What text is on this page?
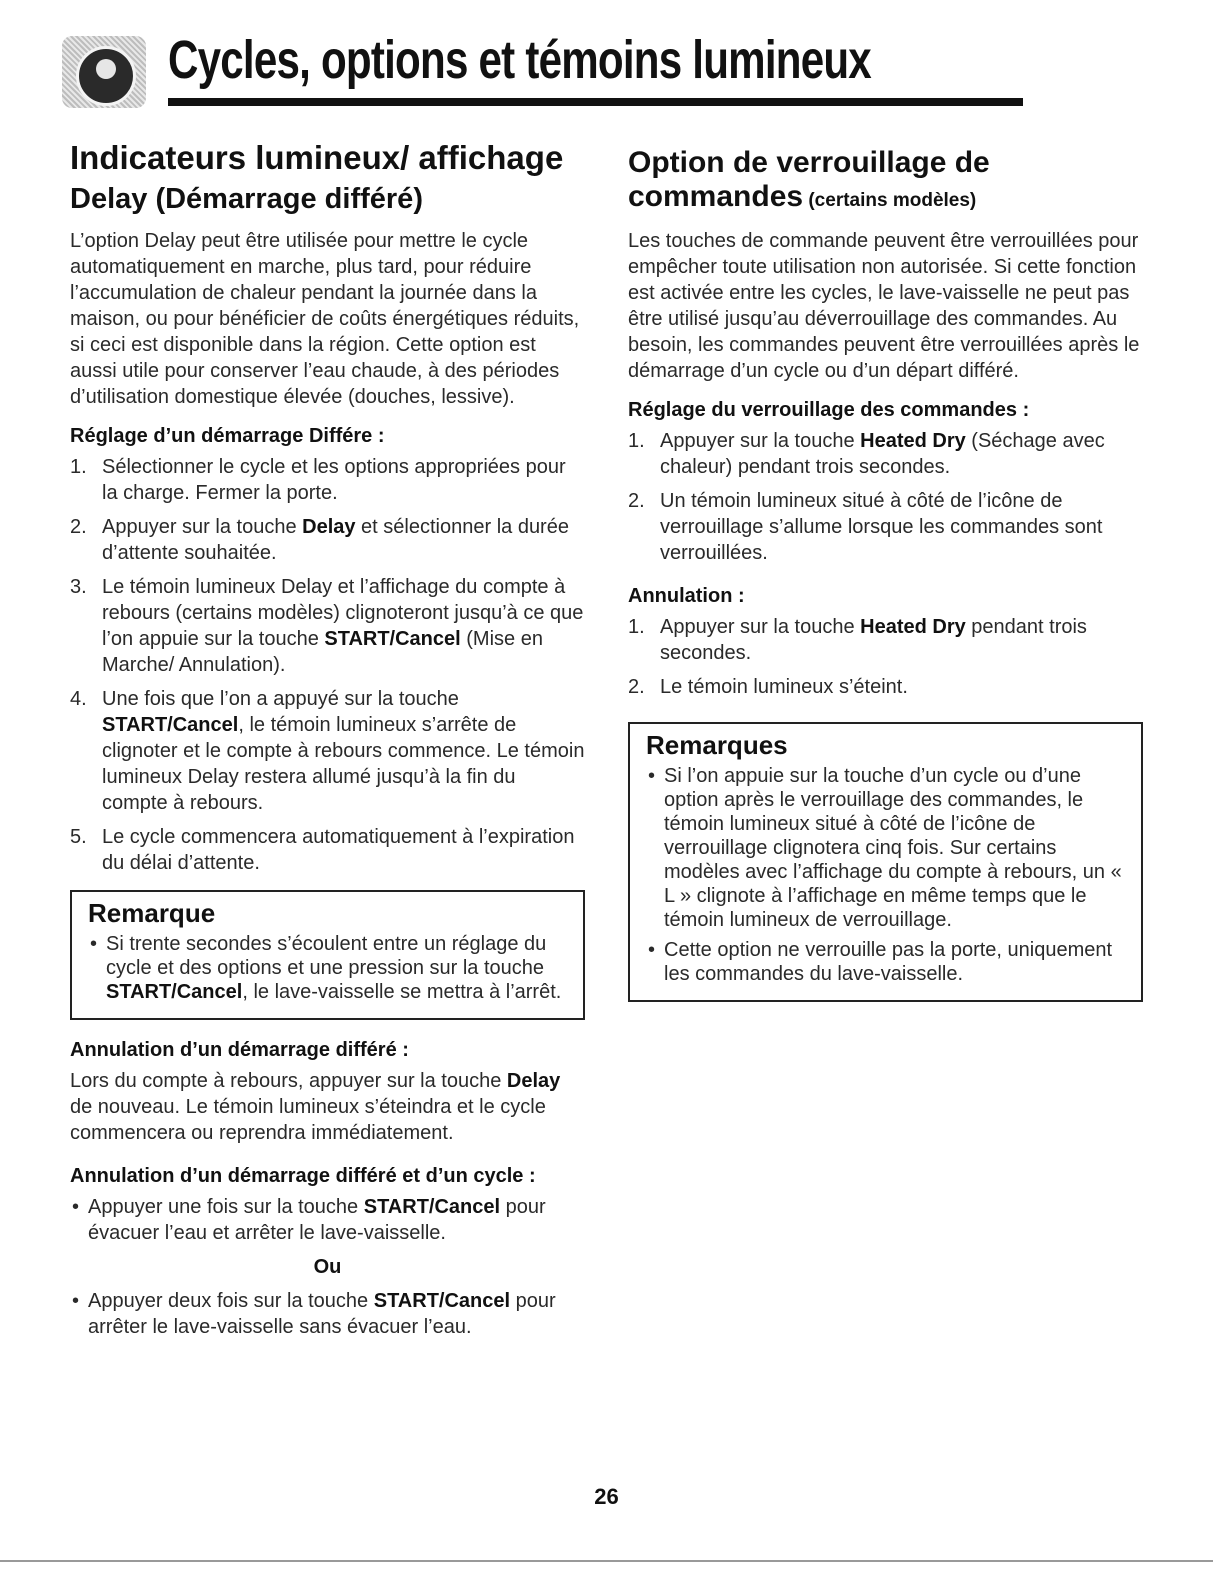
Cycles, options et témoins lumineux
Indicateurs lumineux/ affichage
Delay (Démarrage différé)

L’option Delay peut être utilisée pour mettre le cycle automatiquement en marche, plus tard, pour réduire l’accumulation de chaleur pendant la journée dans la maison, ou pour bénéficier de coûts énergétiques réduits, si ceci est disponible dans la région. Cette option est aussi utile pour conserver l’eau chaude, à des périodes d’utilisation domestique élevée (douches, lessive).

Réglage d’un démarrage Différe :
1. Sélectionner le cycle et les options appropriées pour la charge. Fermer la porte.
2. Appuyer sur la touche Delay et sélectionner la durée d’attente souhaitée.
3. Le témoin lumineux Delay et l’affichage du compte à rebours (certains modèles) clignoteront jusqu’à ce que l’on appuie sur la touche START/Cancel (Mise en Marche/ Annulation).
4. Une fois que l’on a appuyé sur la touche START/Cancel, le témoin lumineux s’arrête de clignoter et le compte à rebours commence. Le témoin lumineux Delay restera allumé jusqu’à la fin du compte à rebours.
5. Le cycle commencera automatiquement à l’expiration du délai d’attente.
Remarque
• Si trente secondes s’écoulent entre un réglage du cycle et des options et une pression sur la touche START/Cancel, le lave-vaisselle se mettra à l’arrêt.
Annulation d’un démarrage différé :

Lors du compte à rebours, appuyer sur la touche Delay de nouveau. Le témoin lumineux s’éteindra et le cycle commencera ou reprendra immédiatement.

Annulation d’un démarrage différé et d’un cycle :
• Appuyer une fois sur la touche START/Cancel pour évacuer l’eau et arrêter le lave-vaisselle.
Ou
• Appuyer deux fois sur la touche START/Cancel pour arrêter le lave-vaisselle sans évacuer l’eau.
Option de verrouillage de commandes (certains modèles)

Les touches de commande peuvent être verrouillées pour empêcher toute utilisation non autorisée. Si cette fonction est activée entre les cycles, le lave-vaisselle ne peut pas être utilisé jusqu’au déverrouillage des commandes. Au besoin, les commandes peuvent être verrouillées après le démarrage d’un cycle ou d’un départ différé.

Réglage du verrouillage des commandes :
1. Appuyer sur la touche Heated Dry (Séchage avec chaleur) pendant trois secondes.
2. Un témoin lumineux situé à côté de l’icône de verrouillage s’allume lorsque les commandes sont verrouillées.
Annulation :
1. Appuyer sur la touche Heated Dry pendant trois secondes.
2. Le témoin lumineux s’éteint.
Remarques
• Si l’on appuie sur la touche d’un cycle ou d’une option après le verrouillage des commandes, le témoin lumineux situé à côté de l’icône de verrouillage clignotera cinq fois. Sur certains modèles avec l’affichage du compte à rebours, un « L » clignote à l’affichage en même temps que le témoin lumineux de verrouillage.
• Cette option ne verrouille pas la porte, uniquement les commandes du lave-vaisselle.
26
